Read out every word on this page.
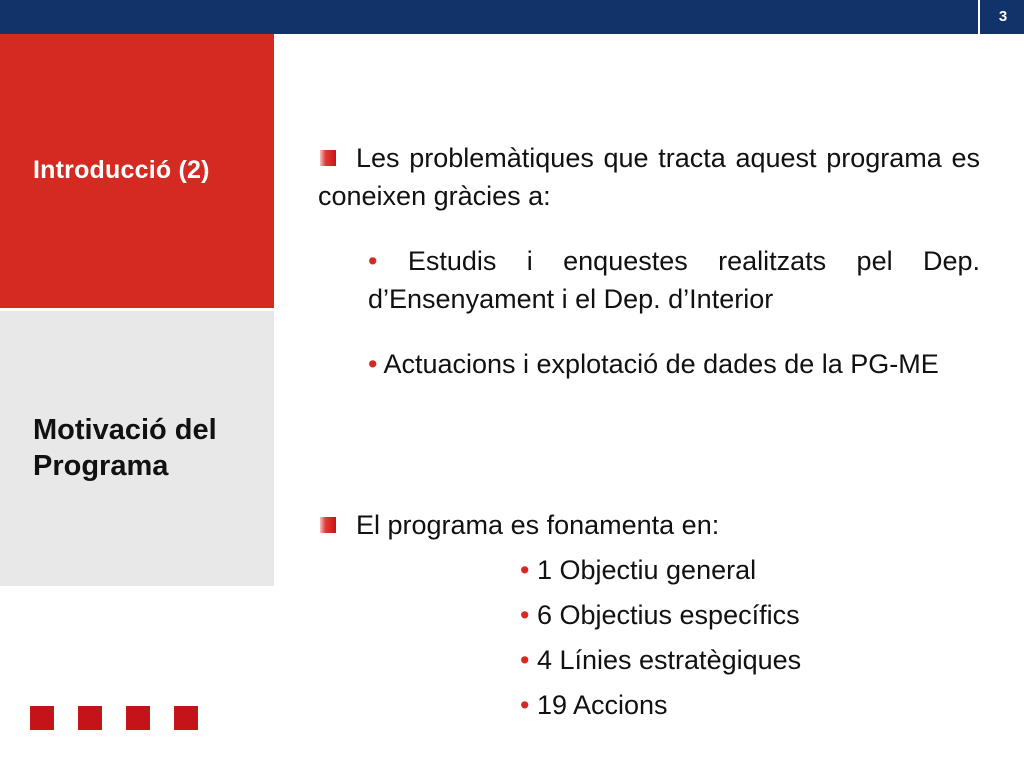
3
Introducció (2)
Motivació del Programa
Les problemàtiques que tracta aquest programa es coneixen gràcies a:
• Estudis i enquestes realitzats pel Dep. d’Ensenyament i el Dep. d’Interior
• Actuacions i explotació de dades de la PG-ME
El programa es fonamenta en:
• 1 Objectiu general
• 6 Objectius específics
• 4 Línies estratègiques
• 19 Accions
